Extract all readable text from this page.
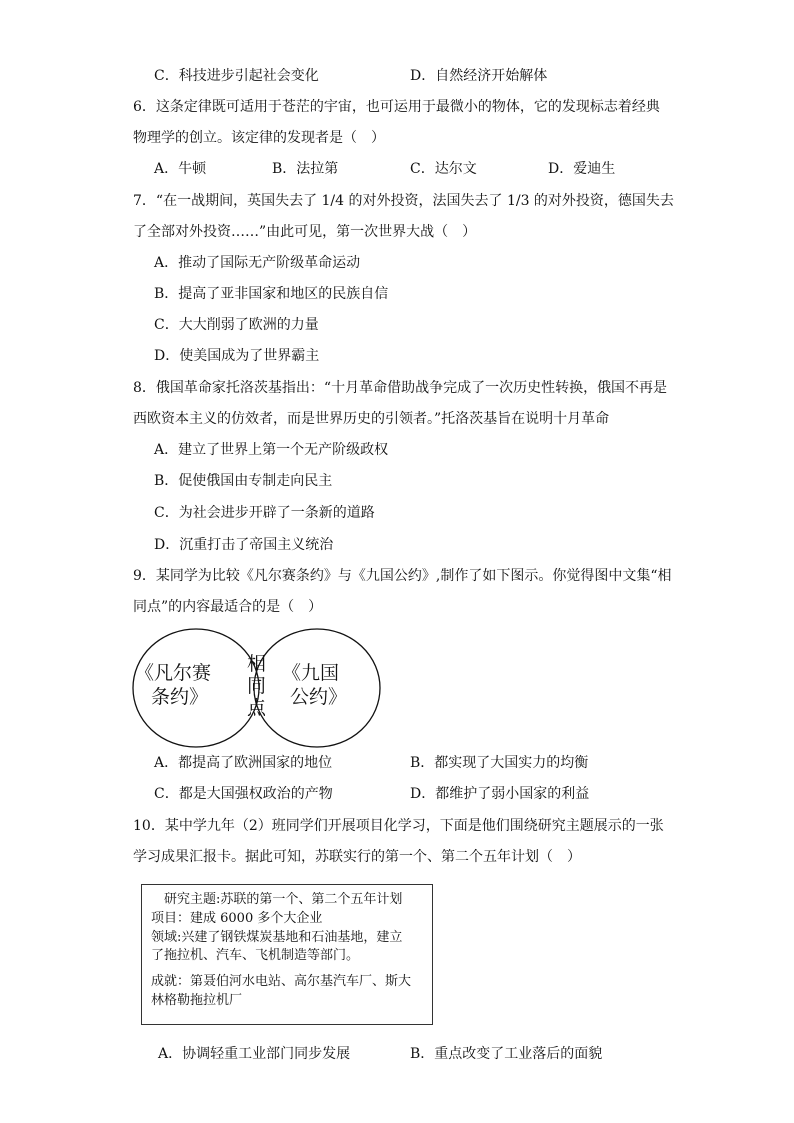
C．科技进步引起社会变化	D．自然经济开始解体
6．这条定律既可适用于苍茫的宇宙，也可运用于最微小的物体，它的发现标志着经典
物理学的创立。该定律的发现者是（　）
A．牛顿	B．法拉第	C．达尔文	D．爱迪生
7．“在一战期间，英国失去了 1/4 的对外投资，法国失去了 1/3 的对外投资，德国失去
了全部对外投资……”由此可见，第一次世界大战（　）
A．推动了国际无产阶级革命运动
B．提高了亚非国家和地区的民族自信
C．大大削弱了欧洲的力量
D．使美国成为了世界霸主
8．俄国革命家托洛茨基指出：“十月革命借助战争完成了一次历史性转换，俄国不再是
西欧资本主义的仿效者，而是世界历史的引领者。”托洛茨基旨在说明十月革命
A．建立了世界上第一个无产阶级政权
B．促使俄国由专制走向民主
C．为社会进步开辟了一条新的道路
D．沉重打击了帝国主义统治
9．某同学为比较《凡尔赛条约》与《九国公约》,制作了如下图示。你觉得图中文集“相
同点”的内容最适合的是（　）
《凡尔赛
条约》
相
同
点
《九国
公约》
A．都提高了欧洲国家的地位	B．都实现了大国实力的均衡
C．都是大国强权政治的产物	D．都维护了弱小国家的利益
10．某中学九年（2）班同学们开展项目化学习，下面是他们围绕研究主题展示的一张
学习成果汇报卡。据此可知，苏联实行的第一个、第二个五年计划（　）
研究主题:苏联的第一个、第二个五年计划
项目：建成 6000 多个大企业
领域:兴建了钢铁煤炭基地和石油基地，建立
了拖拉机、汽车、飞机制造等部门。
成就：第聂伯河水电站、高尔基汽车厂、斯大
林格勒拖拉机厂
A．协调轻重工业部门同步发展	B．重点改变了工业落后的面貌
